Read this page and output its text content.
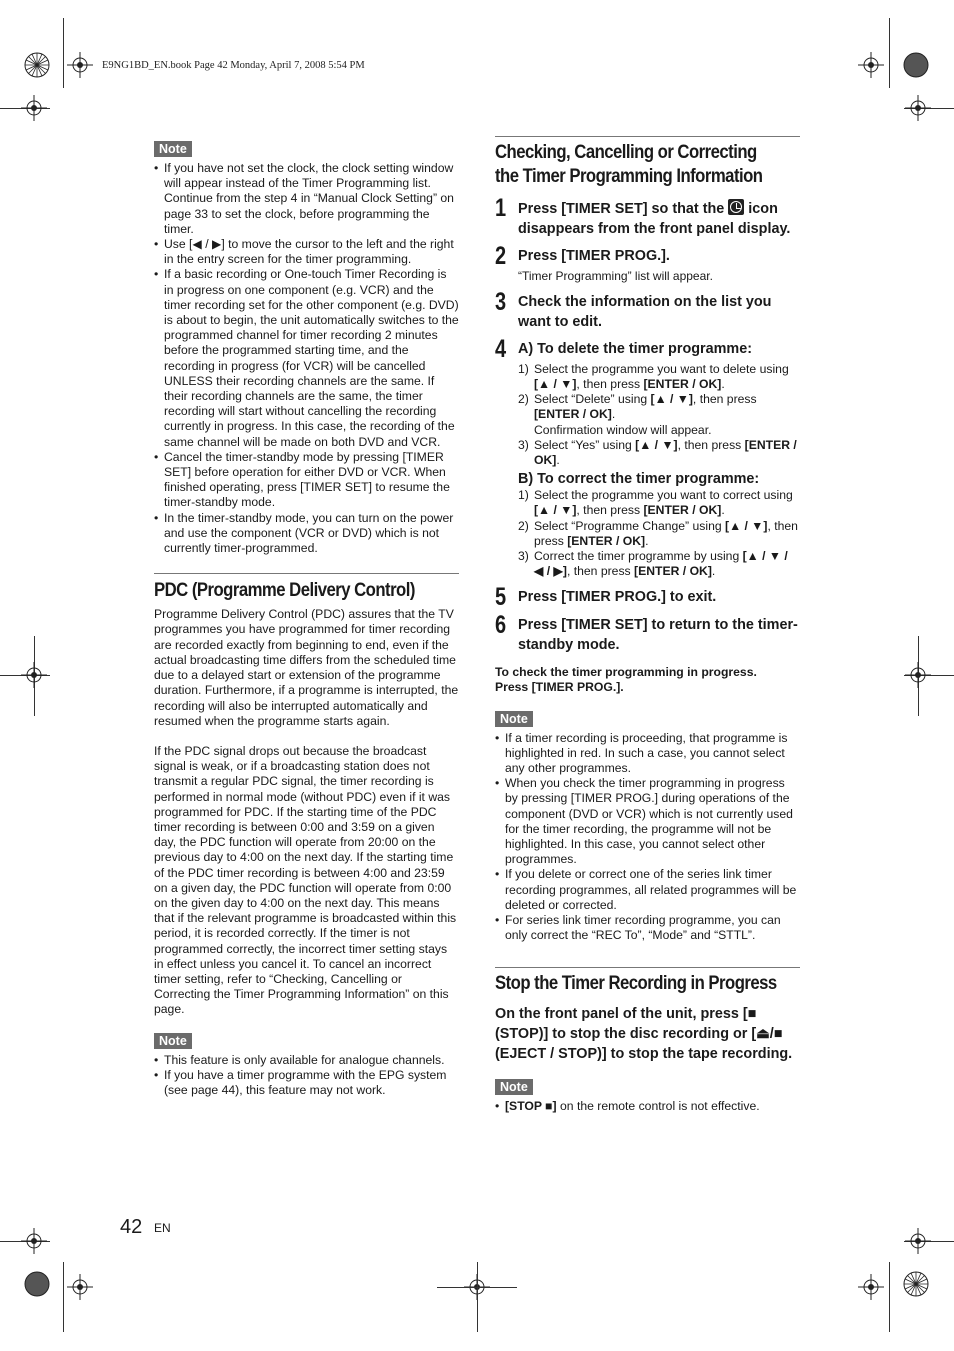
E9NG1BD_EN.book Page 42 Monday, April 7, 2008 5:54 PM
Note
• If you have not set the clock, the clock setting window will appear instead of the Timer Programming list. Continue from the step 4 in “Manual Clock Setting” on page 33 to set the clock, before programming the timer.
• Use [◀ / ▶] to move the cursor to the left and the right in the entry screen for the timer programming.
• If a basic recording or One-touch Timer Recording is in progress on one component (e.g. VCR) and the timer recording set for the other component (e.g. DVD) is about to begin, the unit automatically switches to the programmed channel for timer recording 2 minutes before the programmed starting time, and the recording in progress (for VCR) will be cancelled UNLESS their recording channels are the same. If their recording channels are the same, the timer recording will start without cancelling the recording currently in progress. In this case, the recording of the same channel will be made on both DVD and VCR.
• Cancel the timer-standby mode by pressing [TIMER SET] before operation for either DVD or VCR. When finished operating, press [TIMER SET] to resume the timer-standby mode.
• In the timer-standby mode, you can turn on the power and use the component (VCR or DVD) which is not currently timer-programmed.
PDC (Programme Delivery Control)

Programme Delivery Control (PDC) assures that the TV programmes you have programmed for timer recording are recorded exactly from beginning to end, even if the actual broadcasting time differs from the scheduled time due to a delayed start or extension of the programme duration. Furthermore, if a programme is interrupted, the recording will also be interrupted automatically and resumed when the programme starts again.

If the PDC signal drops out because the broadcast signal is weak, or if a broadcasting station does not transmit a regular PDC signal, the timer recording is performed in normal mode (without PDC) even if it was programmed for PDC. If the starting time of the PDC timer recording is between 0:00 and 3:59 on a given day, the PDC function will operate from 20:00 on the previous day to 4:00 on the next day. If the starting time of the PDC timer recording is between 4:00 and 23:59 on a given day, the PDC function will operate from 0:00 on the given day to 4:00 on the next day. This means that if the relevant programme is broadcasted within this period, it is recorded correctly. If the timer is not programmed correctly, the incorrect timer setting stays in effect unless you cancel it. To cancel an incorrect timer setting, refer to “Checking, Cancelling or Correcting the Timer Programming Information” on this page.

Note
• This feature is only available for analogue channels.
• If you have a timer programme with the EPG system (see page 44), this feature may not work.
Checking, Cancelling or Correcting
the Timer Programming Information
1 Press [TIMER SET] so that the  icon disappears from the front panel display.
2 Press [TIMER PROG.].
“Timer Programming” list will appear.
3 Check the information on the list you want to edit.
4 A) To delete the timer programme:
1) Select the programme you want to delete using [▲ / ▼], then press [ENTER / OK].
2) Select “Delete” using [▲ / ▼], then press [ENTER / OK].
Confirmation window will appear.
3) Select “Yes” using [▲ / ▼], then press [ENTER / OK].
B) To correct the timer programme:
1) Select the programme you want to correct using [▲ / ▼], then press [ENTER / OK].
2) Select “Programme Change” using [▲ / ▼], then press [ENTER / OK].
3) Correct the timer programme by using [▲ / ▼ / ◀ / ▶], then press [ENTER / OK].
5 Press [TIMER PROG.] to exit.
6 Press [TIMER SET] to return to the timer-standby mode.

To check the timer programming in progress. Press [TIMER PROG.].

Note
• If a timer recording is proceeding, that programme is highlighted in red. In such a case, you cannot select any other programmes.
• When you check the timer programming in progress by pressing [TIMER PROG.] during operations of the component (DVD or VCR) which is not currently used for the timer recording, the programme will not be highlighted. In this case, you cannot select other programmes.
• If you delete or correct one of the series link timer recording programmes, all related programmes will be deleted or corrected.
• For series link timer recording programme, you can only correct the “REC To”, “Mode” and “STTL”.
Stop the Timer Recording in Progress

On the front panel of the unit, press [■ (STOP)] to stop the disc recording or [⏏/■ (EJECT / STOP)] to stop the tape recording.

Note
• [STOP ■] on the remote control is not effective.
42 EN
